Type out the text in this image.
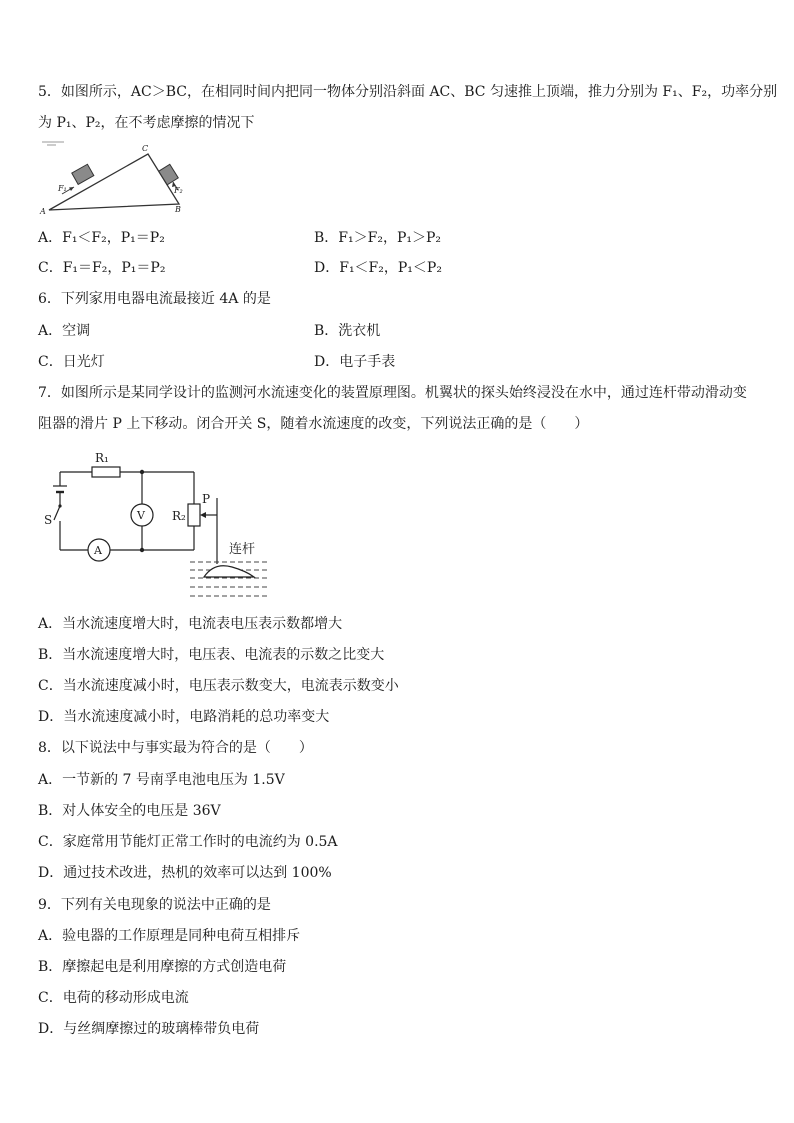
5．如图所示，AC＞BC，在相同时间内把同一物体分别沿斜面 AC、BC 匀速推上顶端，推力分别为 F₁、F₂，功率分别
为 P₁、P₂，在不考虑摩擦的情况下
F₁	F₂
A
C
B
A．F₁＜F₂，P₁＝P₂	B．F₁＞F₂，P₁＞P₂
C．F₁＝F₂，P₁＝P₂	D．F₁＜F₂，P₁＜P₂
6．下列家用电器电流最接近 4A 的是
A．空调	B．洗衣机
C．日光灯	D．电子手表
7．如图所示是某同学设计的监测河水流速变化的装置原理图。机翼状的探头始终浸没在水中，通过连杆带动滑动变
阻器的滑片 P 上下移动。闭合开关 S，随着水流速度的改变，下列说法正确的是（　　）
R₁
R₂
P
S	V
A	连杆
A．当水流速度增大时，电流表电压表示数都增大
B．当水流速度增大时，电压表、电流表的示数之比变大
C．当水流速度减小时，电压表示数变大，电流表示数变小
D．当水流速度减小时，电路消耗的总功率变大
8．以下说法中与事实最为符合的是（　　）
A．一节新的 7 号南孚电池电压为 1.5V
B．对人体安全的电压是 36V
C．家庭常用节能灯正常工作时的电流约为 0.5A
D．通过技术改进，热机的效率可以达到 100%
9．下列有关电现象的说法中正确的是
A．验电器的工作原理是同种电荷互相排斥
B．摩擦起电是利用摩擦的方式创造电荷
C．电荷的移动形成电流
D．与丝绸摩擦过的玻璃棒带负电荷
